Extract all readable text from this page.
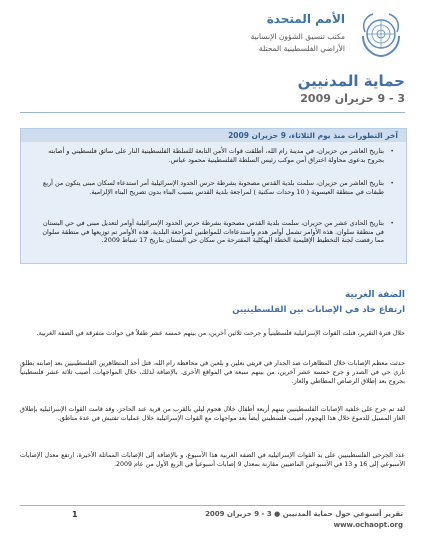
الأمم المتحدة
مكتب تنسيق الشؤون الإنسانية
الأراضي الفلسطينية المحتلة
حماية المدنيين
3 - 9 حزيران 2009
آخر التطورات منذ يوم الثلاثاء، 9 حزيران 2009
بتاريخ العاشر من حزيران، في مدينة رام الله، أطلقت قوات الأمن التابعة للسلطة الفلسطينية النار على سائق فلسطيني و أصابته بجروح بدعوى محاولة اختراق أمن موكب رئيس السلطة الفلسطينية محمود عباس. •
بتاريخ العاشر من حزيران، سلمت بلدية القدس مصحوبة بشرطة حرس الحدود الإسرائيلية أمر استدعاء لسكان مبنى يتكون من أربع طبقات في منطقة العيسوية ( 10 وحدات سكنية ) لمراجعة بلدية القدس بسبب البناء بدون تصريح البناء الإلزامية. •
بتاريخ الحادي عشر من حزيران، سلمت بلدية القدس مصحوبة بشرطة حرس الحدود الإسرائيلية أوامر لتعديل مبنى في حي البستان في منطقة سلوان. هذه الأوامر تشمل أوامر هدم واستدعاءات للمواطنين لمراجعة البلدية. هذه الأوامر تم توزيعها في منطقة سلوان مما رفضت لجنة التخطيط الإقليمية الخطة الهيكلية المقترحة من سكان حي البستان بتاريخ 17 شباط 2009. •
الضفة الغربية
ارتفاع حاد في الإصابات بين الفلسطينيين
خلال فترة التقرير، قتلت القوات الإسرائيلية فلسطينياً و جرحت ثلاثين آخرين، من بينهم خمسة عشر طفلاً في حوادث متفرقة في الضفة الغربية.
حدثت معظم الإصابات خلال المظاهرات ضد الجدار في قريتي نعلين و بلعين في محافظة رام الله، قتل أحد المتظاهرين الفلسطينيين بعد إصابته بطلق ناري حي في الصدر و جرح خمسة عشر آخرين، من بينهم سبعة في المواقع الأخرى. بالإضافة لذلك، خلال المواجهات، أصيب ثلاثة عشر فلسطينياً بجروح بعد إطلاق الرصاص المطاطي والغاز.
لقد تم جرح على خلفية الإصابات الفلسطينيين بينهم أربعة أطفال خلال هجوم ليلي بالقرب من قرية عند الحاجز. وقد قامت القوات الإسرائيلية بإطلاق الغاز المسيل للدموع خلال هذا الهجوم، أصيب فلسطيني أيضاً بعد مواجهات مع القوات الإسرائيلية خلال عمليات تفتيش في عدة مناطق.
عدد الجرحى الفلسطينيين على يد القوات الإسرائيلية في الضفة الغربية هذا الأسبوع، و بالإضافة إلى الإصابات المماثلة الأخيرة، ارتفع معدل الإصابات الأسبوعي إلى 16 و 13 في الأسبوعين الماضيين مقارنة بمعدل 9 إصابات أسبوعياً في الربع الأول من عام 2009.
1	تقرير أسبوعي حول حماية المدنيين ● 3 - 9 حزيران 2009
www.ochaopt.org
